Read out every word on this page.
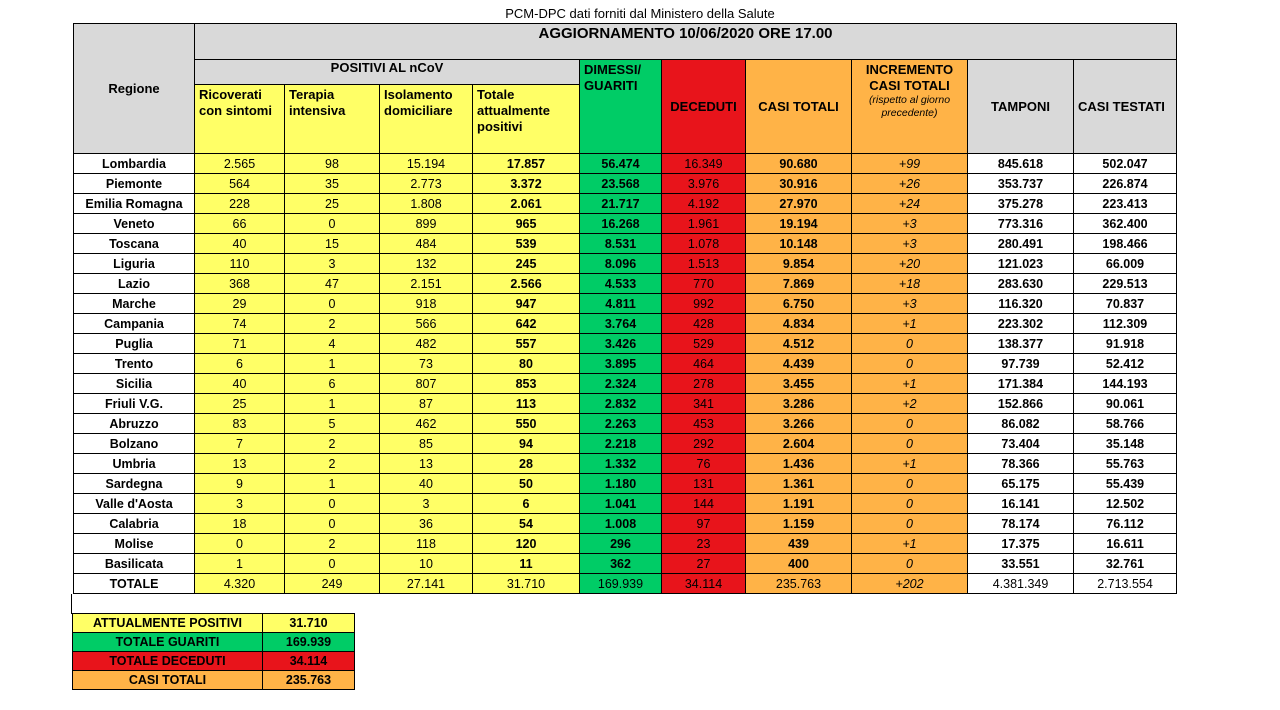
PCM-DPC dati forniti dal Ministero della Salute
Regione	AGGIORNAMENTO 10/06/2020 ORE 17.00									
	POSITIVI AL nCoV				DIMESSI/ GUARITI	DECEDUTI	CASI TOTALI	INCREMENTO CASI TOTALI
(rispetto al giorno precedente)	TAMPONI	CASI TESTATI
	Ricoverati con sintomi	Terapia intensiva	Isolamento domiciliare	Totale attualmente positivi						
Lombardia	2.565	98	15.194	17.857	56.474	16.349	90.680	+99	845.618	502.047
Piemonte	564	35	2.773	3.372	23.568	3.976	30.916	+26	353.737	226.874
Emilia Romagna	228	25	1.808	2.061	21.717	4.192	27.970	+24	375.278	223.413
Veneto	66	0	899	965	16.268	1.961	19.194	+3	773.316	362.400
Toscana	40	15	484	539	8.531	1.078	10.148	+3	280.491	198.466
Liguria	110	3	132	245	8.096	1.513	9.854	+20	121.023	66.009
Lazio	368	47	2.151	2.566	4.533	770	7.869	+18	283.630	229.513
Marche	29	0	918	947	4.811	992	6.750	+3	116.320	70.837
Campania	74	2	566	642	3.764	428	4.834	+1	223.302	112.309
Puglia	71	4	482	557	3.426	529	4.512	0	138.377	91.918
Trento	6	1	73	80	3.895	464	4.439	0	97.739	52.412
Sicilia	40	6	807	853	2.324	278	3.455	+1	171.384	144.193
Friuli V.G.	25	1	87	113	2.832	341	3.286	+2	152.866	90.061
Abruzzo	83	5	462	550	2.263	453	3.266	0	86.082	58.766
Bolzano	7	2	85	94	2.218	292	2.604	0	73.404	35.148
Umbria	13	2	13	28	1.332	76	1.436	+1	78.366	55.763
Sardegna	9	1	40	50	1.180	131	1.361	0	65.175	55.439
Valle d'Aosta	3	0	3	6	1.041	144	1.191	0	16.141	12.502
Calabria	18	0	36	54	1.008	97	1.159	0	78.174	76.112
Molise	0	2	118	120	296	23	439	+1	17.375	16.611
Basilicata	1	0	10	11	362	27	400	0	33.551	32.761
TOTALE	4.320	249	27.141	31.710	169.939	34.114	235.763	+202	4.381.349	2.713.554
ATTUALMENTE POSITIVI	31.710
TOTALE GUARITI	169.939
TOTALE DECEDUTI	34.114
CASI TOTALI	235.763
